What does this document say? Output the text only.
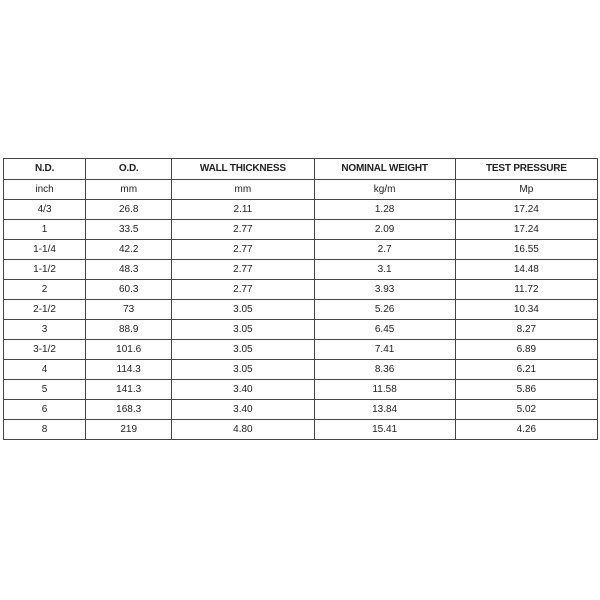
N.D.	O.D.	WALL THICKNESS	NOMINAL WEIGHT	TEST PRESSURE
inch	mm	mm	kg/m	Mp
4/3	26.8	2.11	1.28	17.24
1	33.5	2.77	2.09	17.24
1-1/4	42.2	2.77	2.7	16.55
1-1/2	48.3	2.77	3.1	14.48
2	60.3	2.77	3.93	11.72
2-1/2	73	3.05	5.26	10.34
3	88.9	3.05	6.45	8.27
3-1/2	101.6	3.05	7.41	6.89
4	114.3	3.05	8.36	6.21
5	141.3	3.40	11.58	5.86
6	168.3	3.40	13.84	5.02
8	219	4.80	15.41	4.26
